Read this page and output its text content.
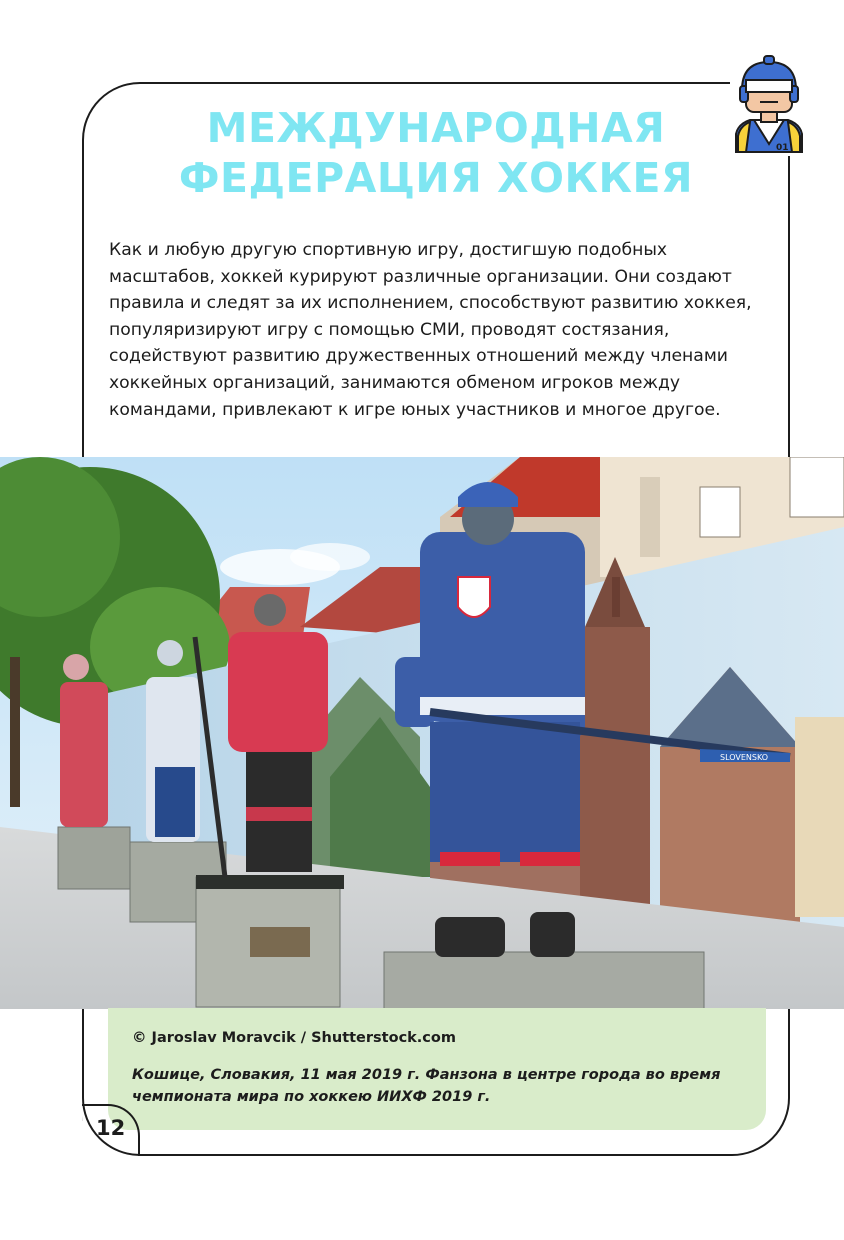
01
МЕЖДУНАРОДНАЯ
ФЕДЕРАЦИЯ ХОККЕЯ

Как и любую другую спортивную игру, достигшую подобных масштабов, хоккей курируют различные организации. Они создают правила и следят за их исполнением, способствуют развитию хоккея, популяризируют игру с помощью СМИ, проводят состязания, содействуют развитию дружественных отношений между членами хоккейных организаций, занимаются обменом игроков между командами, привлекают к игре юных участников и многое другое.

SLOVENSKO

© Jaroslav Moravcik / Shutterstock.com

Кошице, Словакия, 11 мая 2019 г. Фанзона в центре города во время чемпионата мира по хоккею ИИХФ 2019 г.

12
